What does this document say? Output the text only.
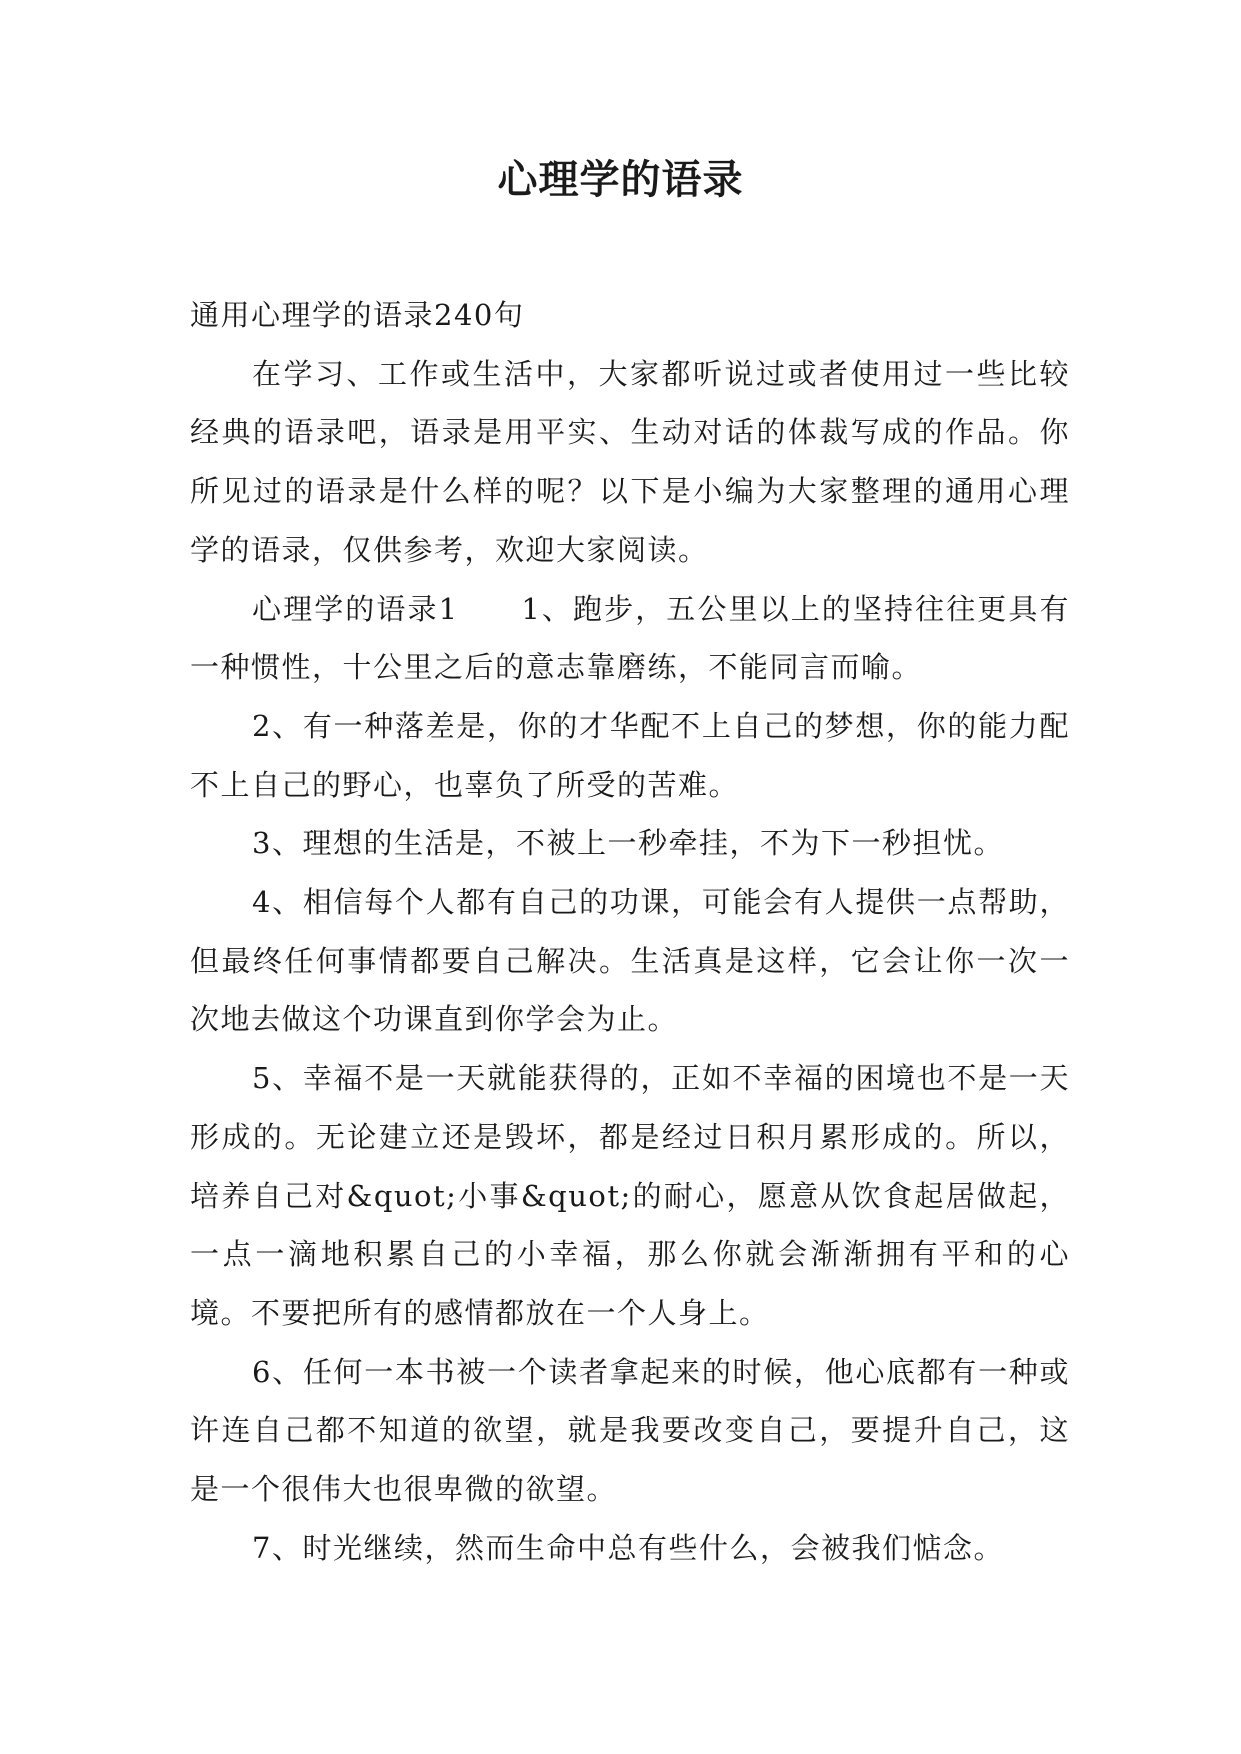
心理学的语录

通用心理学的语录240句

在学习、工作或生活中，大家都听说过或者使用过一些比较经典的语录吧，语录是用平实、生动对话的体裁写成的作品。你所见过的语录是什么样的呢？以下是小编为大家整理的通用心理学的语录，仅供参考，欢迎大家阅读。

心理学的语录1　　1、跑步，五公里以上的坚持往往更具有一种惯性，十公里之后的意志靠磨练，不能同言而喻。

2、有一种落差是，你的才华配不上自己的梦想，你的能力配不上自己的野心，也辜负了所受的苦难。

3、理想的生活是，不被上一秒牵挂，不为下一秒担忧。

4、相信每个人都有自己的功课，可能会有人提供一点帮助，但最终任何事情都要自己解决。生活真是这样，它会让你一次一次地去做这个功课直到你学会为止。

5、幸福不是一天就能获得的，正如不幸福的困境也不是一天形成的。无论建立还是毁坏，都是经过日积月累形成的。所以，培养自己对&quot;小事&quot;的耐心，愿意从饮食起居做起，一点一滴地积累自己的小幸福，那么你就会渐渐拥有平和的心境。不要把所有的感情都放在一个人身上。

6、任何一本书被一个读者拿起来的时候，他心底都有一种或许连自己都不知道的欲望，就是我要改变自己，要提升自己，这是一个很伟大也很卑微的欲望。

7、时光继续，然而生命中总有些什么，会被我们惦念。
